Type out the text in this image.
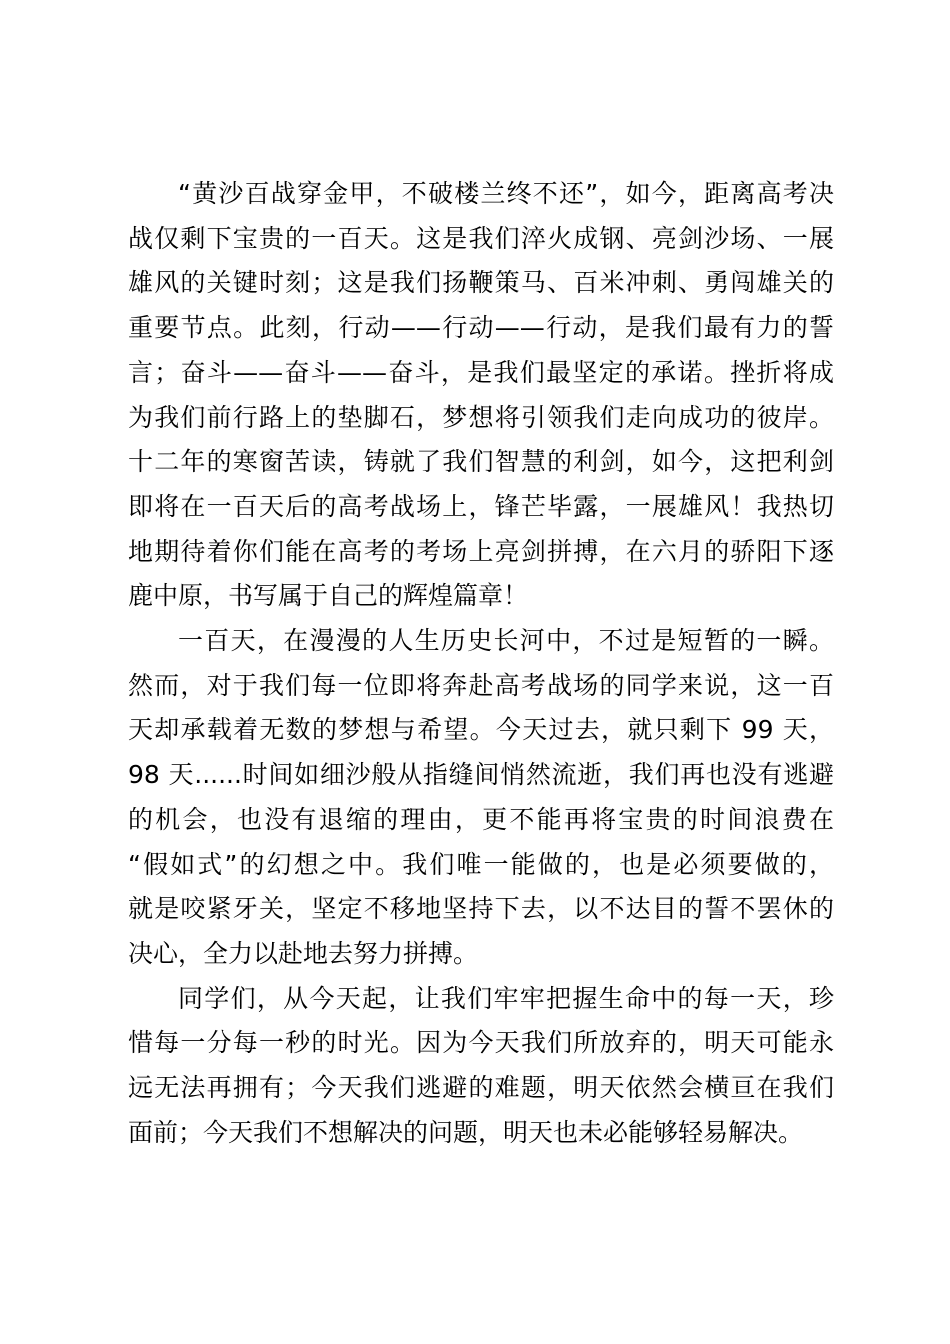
“黄沙百战穿金甲，不破楼兰终不还”，如今，距离高考决
战仅剩下宝贵的一百天。这是我们淬火成钢、亮剑沙场、一展
雄风的关键时刻；这是我们扬鞭策马、百米冲刺、勇闯雄关的
重要节点。此刻，行动——行动——行动，是我们最有力的誓
言；奋斗——奋斗——奋斗，是我们最坚定的承诺。挫折将成
为我们前行路上的垫脚石，梦想将引领我们走向成功的彼岸。
十二年的寒窗苦读，铸就了我们智慧的利剑，如今，这把利剑
即将在一百天后的高考战场上，锋芒毕露，一展雄风！我热切
地期待着你们能在高考的考场上亮剑拼搏，在六月的骄阳下逐
鹿中原，书写属于自己的辉煌篇章！
一百天，在漫漫的人生历史长河中，不过是短暂的一瞬。
然而，对于我们每一位即将奔赴高考战场的同学来说，这一百
天却承载着无数的梦想与希望。今天过去，就只剩下 99 天，
98 天......时间如细沙般从指缝间悄然流逝，我们再也没有逃避
的机会，也没有退缩的理由，更不能再将宝贵的时间浪费在
“假如式”的幻想之中。我们唯一能做的，也是必须要做的，
就是咬紧牙关，坚定不移地坚持下去，以不达目的誓不罢休的
决心，全力以赴地去努力拼搏。
同学们，从今天起，让我们牢牢把握生命中的每一天，珍
惜每一分每一秒的时光。因为今天我们所放弃的，明天可能永
远无法再拥有；今天我们逃避的难题，明天依然会横亘在我们
面前；今天我们不想解决的问题，明天也未必能够轻易解决。
